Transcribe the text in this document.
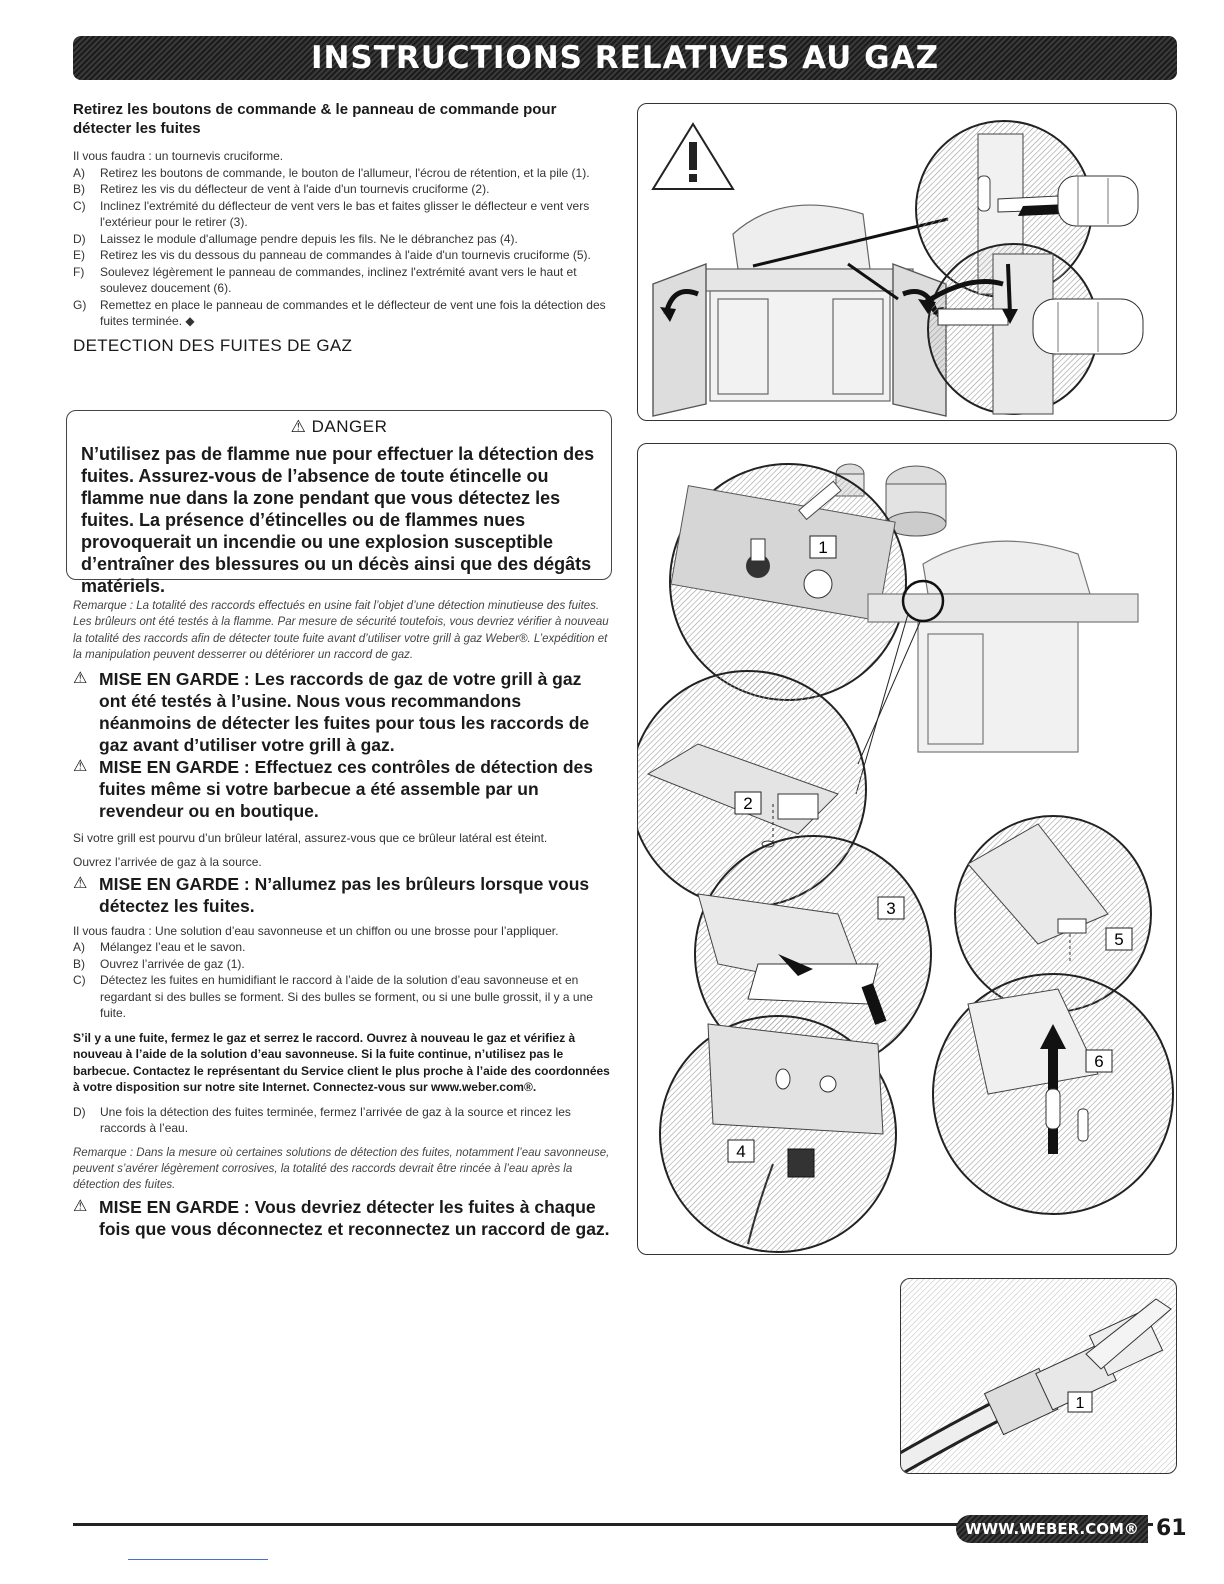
INSTRUCTIONS RELATIVES AU GAZ
Retirez les boutons de commande & le panneau de commande pour détecter les fuites
Il vous faudra : un tournevis cruciforme.
A)	Retirez les boutons de commande, le bouton de l'allumeur, l'écrou de rétention, et la pile (1).
B)	Retirez les vis du déflecteur de vent à l'aide d'un tournevis cruciforme (2).
C)	Inclinez l'extrémité du déflecteur de vent vers le bas et faites glisser le déflecteur e vent vers l'extérieur pour le retirer (3).
D)	Laissez le module d'allumage pendre depuis les fils. Ne le débranchez pas (4).
E)	Retirez les vis du dessous du panneau de commandes à l'aide d'un tournevis cruciforme (5).
F)	Soulevez légèrement le panneau de commandes, inclinez l'extrémité avant vers le haut et soulevez doucement (6).
G)	Remettez en place le panneau de commandes et le déflecteur de vent une fois la détection des fuites terminée. ◆
DETECTION DES FUITES DE GAZ
⚠ DANGER
N’utilisez pas de flamme nue pour effectuer la détection des fuites. Assurez-vous de l’absence de toute étincelle ou flamme nue dans la zone pendant que vous détectez les fuites. La présence d’étincelles ou de flammes nues provoquerait un incendie ou une explosion susceptible d’entraîner des blessures ou un décès ainsi que des dégâts matériels.
Remarque : La totalité des raccords effectués en usine fait l’objet d’une détection minutieuse des fuites. Les brûleurs ont été testés à la flamme. Par mesure de sécurité toutefois, vous devriez vérifier à nouveau la totalité des raccords afin de détecter toute fuite avant d’utiliser votre grill à gaz Weber®. L’expédition et la manipulation peuvent desserrer ou détériorer un raccord de gaz.
⚠ MISE EN GARDE : Les raccords de gaz de votre grill à gaz ont été testés à l’usine. Nous vous recommandons néanmoins de détecter les fuites pour tous les raccords de gaz avant d’utiliser votre grill à gaz.
⚠ MISE EN GARDE : Effectuez ces contrôles de détection des fuites même si votre barbecue a été assemble par un revendeur ou en boutique.
Si votre grill est pourvu d’un brûleur latéral, assurez-vous que ce brûleur latéral est éteint.
Ouvrez l’arrivée de gaz à la source.
⚠ MISE EN GARDE : N’allumez pas les brûleurs lorsque vous détectez les fuites.
Il vous faudra : Une solution d’eau savonneuse et un chiffon ou une brosse pour l’appliquer.
A)	Mélangez l’eau et le savon.
B)	Ouvrez l’arrivée de gaz (1).
C)	Détectez les fuites en humidifiant le raccord à l’aide de la solution d’eau savonneuse et en regardant si des bulles se forment. Si des bulles se forment, ou si une bulle grossit, il y a une fuite.
S’il y a une fuite, fermez le gaz et serrez le raccord. Ouvrez à nouveau le gaz et vérifiez à nouveau à l’aide de la solution d’eau savonneuse. Si la fuite continue, n’utilisez pas le barbecue. Contactez le représentant du Service client le plus proche à l’aide des coordonnées à votre disposition sur notre site Internet. Connectez-vous sur www.weber.com®.
D)	Une fois la détection des fuites terminée, fermez l’arrivée de gaz à la source et rincez les raccords à l’eau.
Remarque : Dans la mesure où certaines solutions de détection des fuites, notamment l’eau savonneuse, peuvent s’avérer légèrement corrosives, la totalité des raccords devrait être rincée à l’eau après la détection des fuites.
⚠ MISE EN GARDE : Vous devriez détecter les fuites à chaque fois que vous déconnectez et reconnectez un raccord de gaz.
1
2
3
4
5
6
1
WWW.WEBER.COM® 61
